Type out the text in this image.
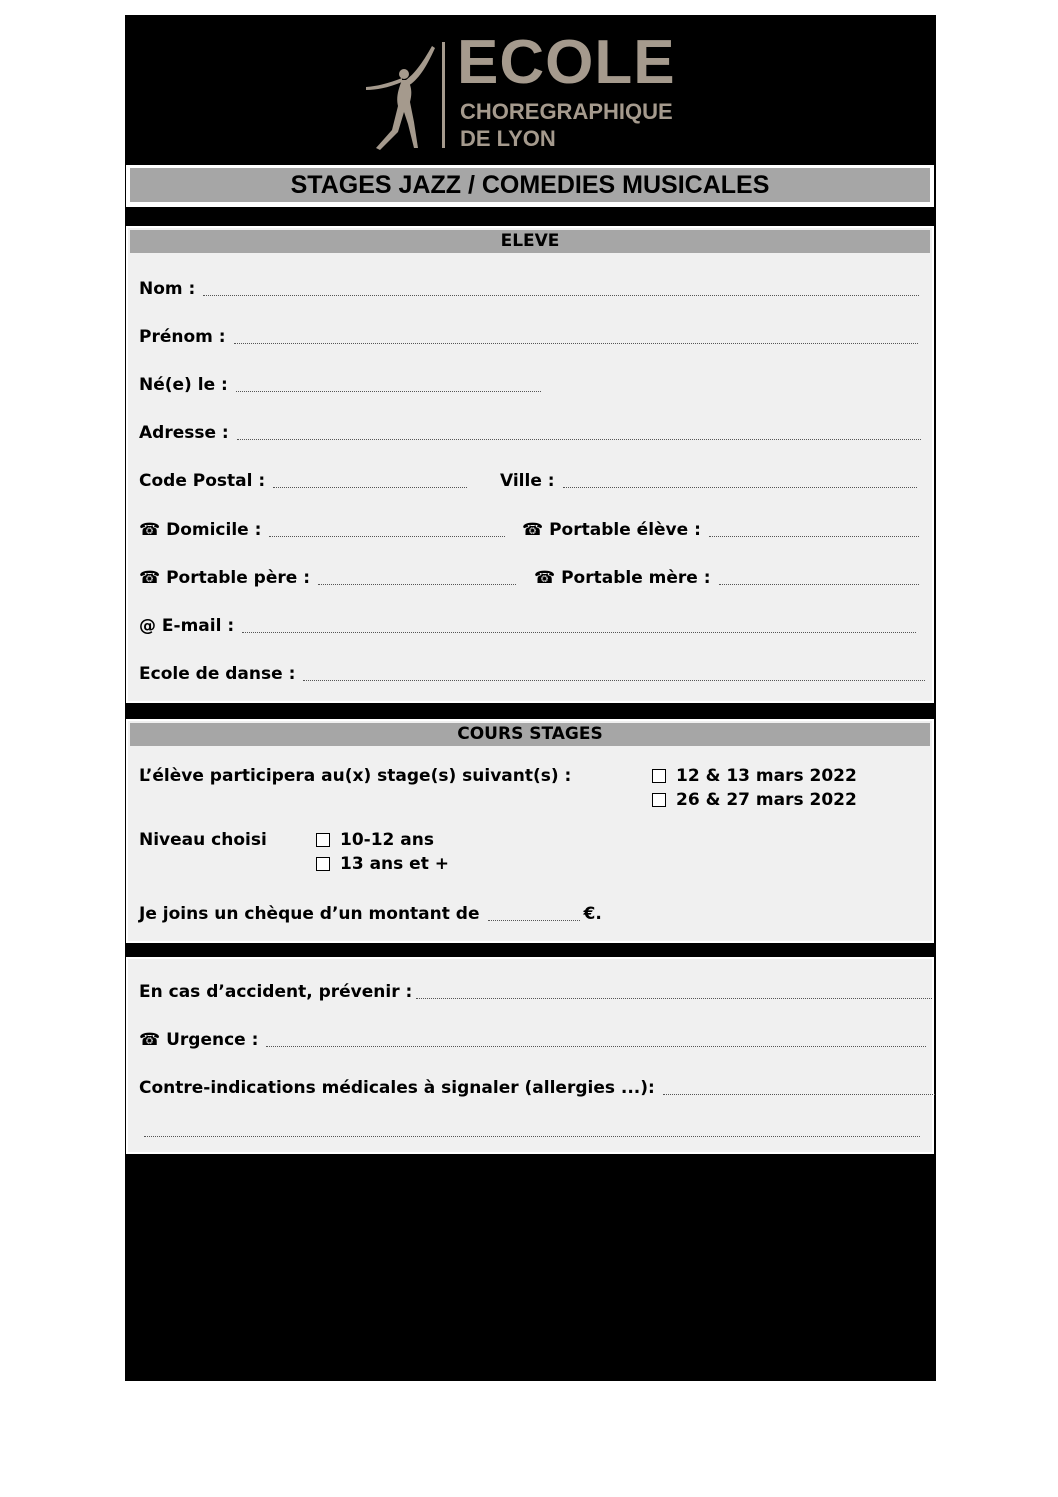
ECOLE
CHOREGRAPHIQUE
DE LYON
STAGES JAZZ / COMEDIES MUSICALES
ELEVE
Nom :
Prénom :
Né(e) le :
Adresse :
Code Postal :	Ville :
☎ Domicile :	☎ Portable élève :
☎ Portable père :	☎ Portable mère :
@ E-mail :
Ecole de danse :
COURS STAGES
L’élève participera au(x) stage(s) suivant(s) :	12 & 13 mars 2022
26 & 27 mars 2022
Niveau choisi	10-12 ans
13 ans et +
Je joins un chèque d’un montant de	€.
En cas d’accident, prévenir :
☎ Urgence :
Contre-indications médicales à signaler (allergies ...):
